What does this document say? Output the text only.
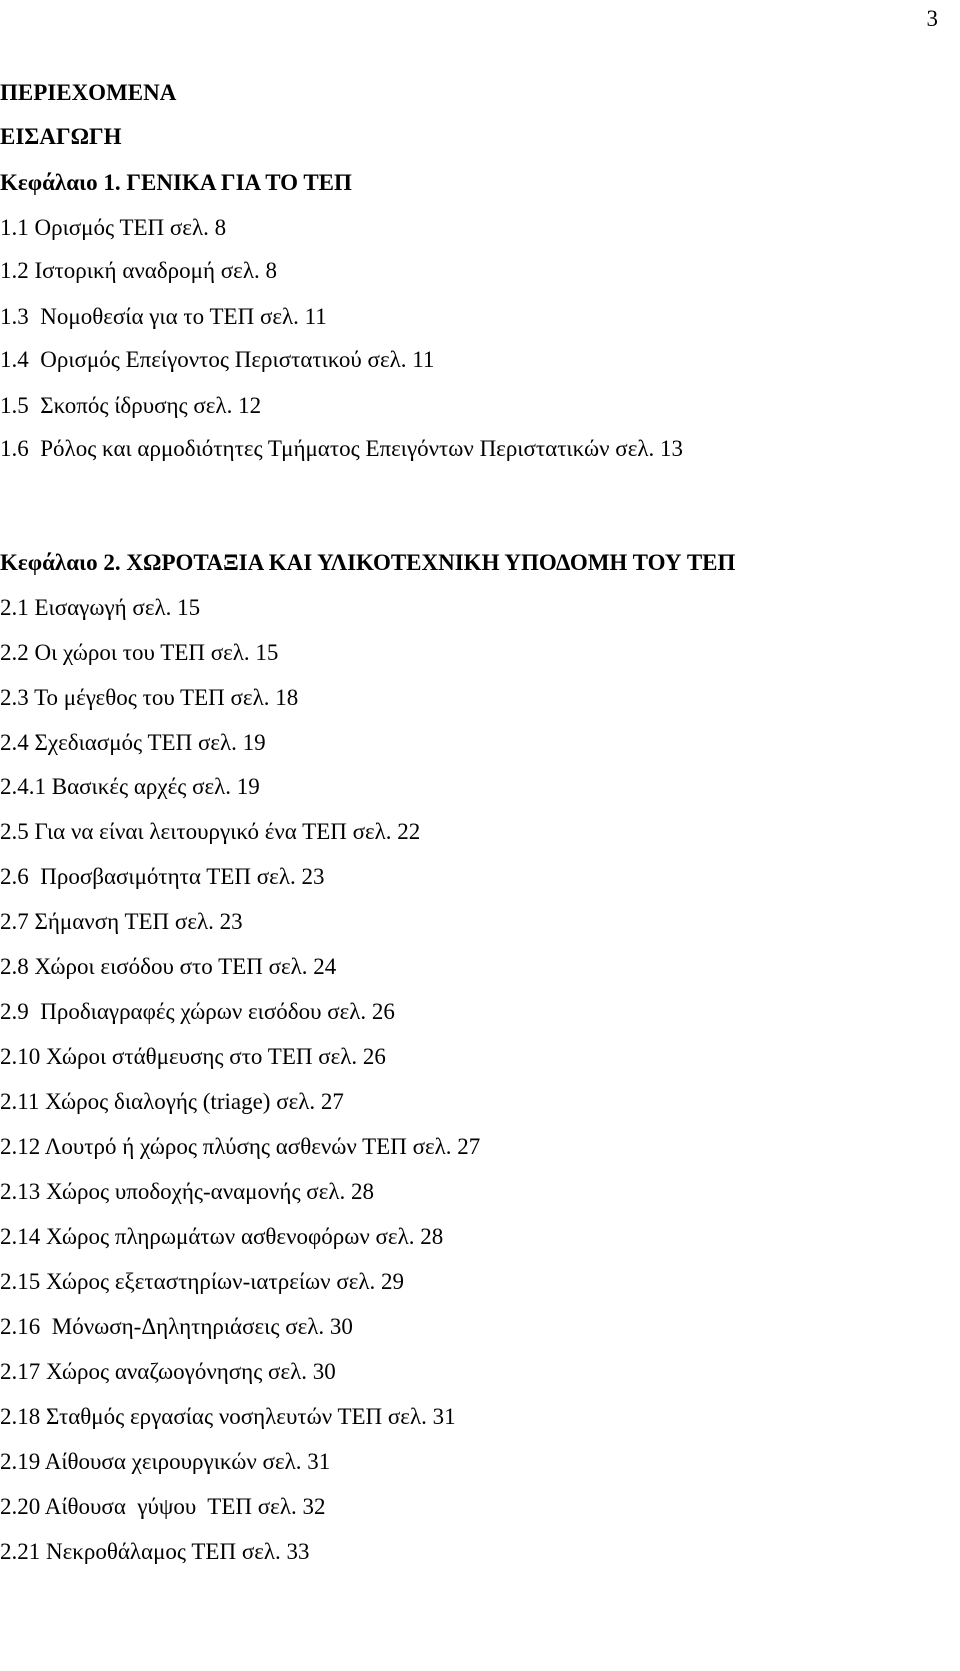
3
ΠΕΡΙΕΧΟΜΕΝΑ
ΕΙΣΑΓΩΓΗ
Κεφάλαιο 1. ΓΕΝΙΚΑ ΓΙΑ ΤΟ ΤΕΠ
1.1 Ορισμός ΤΕΠ σελ. 8
1.2 Ιστορική αναδρομή σελ. 8
1.3  Νομοθεσία για το ΤΕΠ σελ. 11
1.4  Ορισμός Επείγοντος Περιστατικού σελ. 11
1.5  Σκοπός ίδρυσης σελ. 12
1.6  Ρόλος και αρμοδιότητες Τμήματος Επειγόντων Περιστατικών σελ. 13
Κεφάλαιο 2. ΧΩΡΟΤΑΞΙΑ ΚΑΙ ΥΛΙΚΟΤΕΧΝΙΚΗ ΥΠΟΔΟΜΗ ΤΟΥ ΤΕΠ
2.1 Εισαγωγή σελ. 15
2.2 Οι χώροι του ΤΕΠ σελ. 15
2.3 Το μέγεθος του ΤΕΠ σελ. 18
2.4 Σχεδιασμός ΤΕΠ σελ. 19
2.4.1 Βασικές αρχές σελ. 19
2.5 Για να είναι λειτουργικό ένα ΤΕΠ σελ. 22
2.6  Προσβασιμότητα ΤΕΠ σελ. 23
2.7 Σήμανση ΤΕΠ σελ. 23
2.8 Χώροι εισόδου στο ΤΕΠ σελ. 24
2.9  Προδιαγραφές χώρων εισόδου σελ. 26
2.10 Χώροι στάθμευσης στο ΤΕΠ σελ. 26
2.11 Χώρος διαλογής (triage) σελ. 27
2.12 Λουτρό ή χώρος πλύσης ασθενών ΤΕΠ σελ. 27
2.13 Χώρος υποδοχής-αναμονής σελ. 28
2.14 Χώρος πληρωμάτων ασθενοφόρων σελ. 28
2.15 Χώρος εξεταστηρίων-ιατρείων σελ. 29
2.16  Μόνωση-Δηλητηριάσεις σελ. 30
2.17 Χώρος αναζωογόνησης σελ. 30
2.18 Σταθμός εργασίας νοσηλευτών ΤΕΠ σελ. 31
2.19 Αίθουσα χειρουργικών σελ. 31
2.20 Αίθουσα  γύψου  ΤΕΠ σελ. 32
2.21 Νεκροθάλαμος ΤΕΠ σελ. 33
